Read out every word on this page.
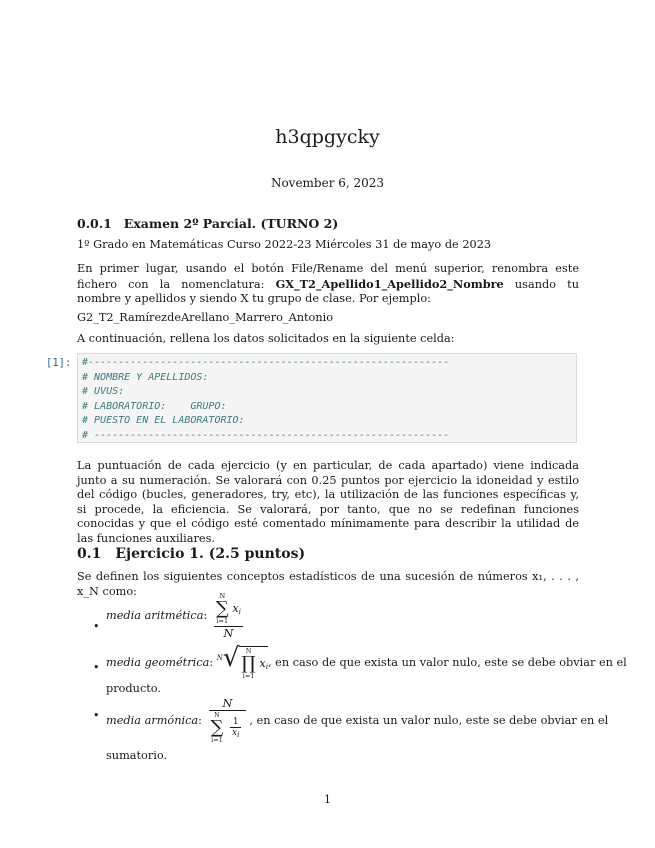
h3qpgycky
November 6, 2023
0.0.1 Examen 2º Parcial. (TURNO 2)
1º Grado en Matemáticas Curso 2022-23 Miércoles 31 de mayo de 2023
En primer lugar, usando el botón File/Rename del menú superior, renombra este fichero con la nomenclatura: GX_T2_Apellido1_Apellido2_Nombre usando tu nombre y apellidos y siendo X tu grupo de clase. Por ejemplo:
G2_T2_RamírezdeArellano_Marrero_Antonio
A continuación, rellena los datos solicitados en la siguiente celda:
[1]: #------------------------------------------------------------
# NOMBRE Y APELLIDOS:
# UVUS:
# LABORATORIO:    GRUPO:
# PUESTO EN EL LABORATORIO:
# -----------------------------------------------------------
La puntuación de cada ejercicio (y en particular, de cada apartado) viene indicada junto a su numeración. Se valorará con 0.25 puntos por ejercicio la idoneidad y estilo del código (bucles, generadores, try, etc), la utilización de las funciones específicas y, si procede, la eficiencia. Se valorará, por tanto, que no se redefinan funciones conocidas y que el código esté comentado mínimamente para describir la utilidad de las funciones auxiliares.
0.1 Ejercicio 1. (2.5 puntos)
Se definen los siguientes conceptos estadísticos de una sucesión de números x₁, . . . , x_N como:
•
media aritmética: N
∑
i=1
$x_i$
N
• media geométrica: $^N$√ N
∏
i=1
$x_i$, en caso de que exista un valor nulo, este se debe obviar en el
producto.
• media armónica: N
N
∑
i=1

$\frac{1}{x_i}$ , en caso de que exista un valor nulo, este se debe obviar en el
sumatorio.
1
